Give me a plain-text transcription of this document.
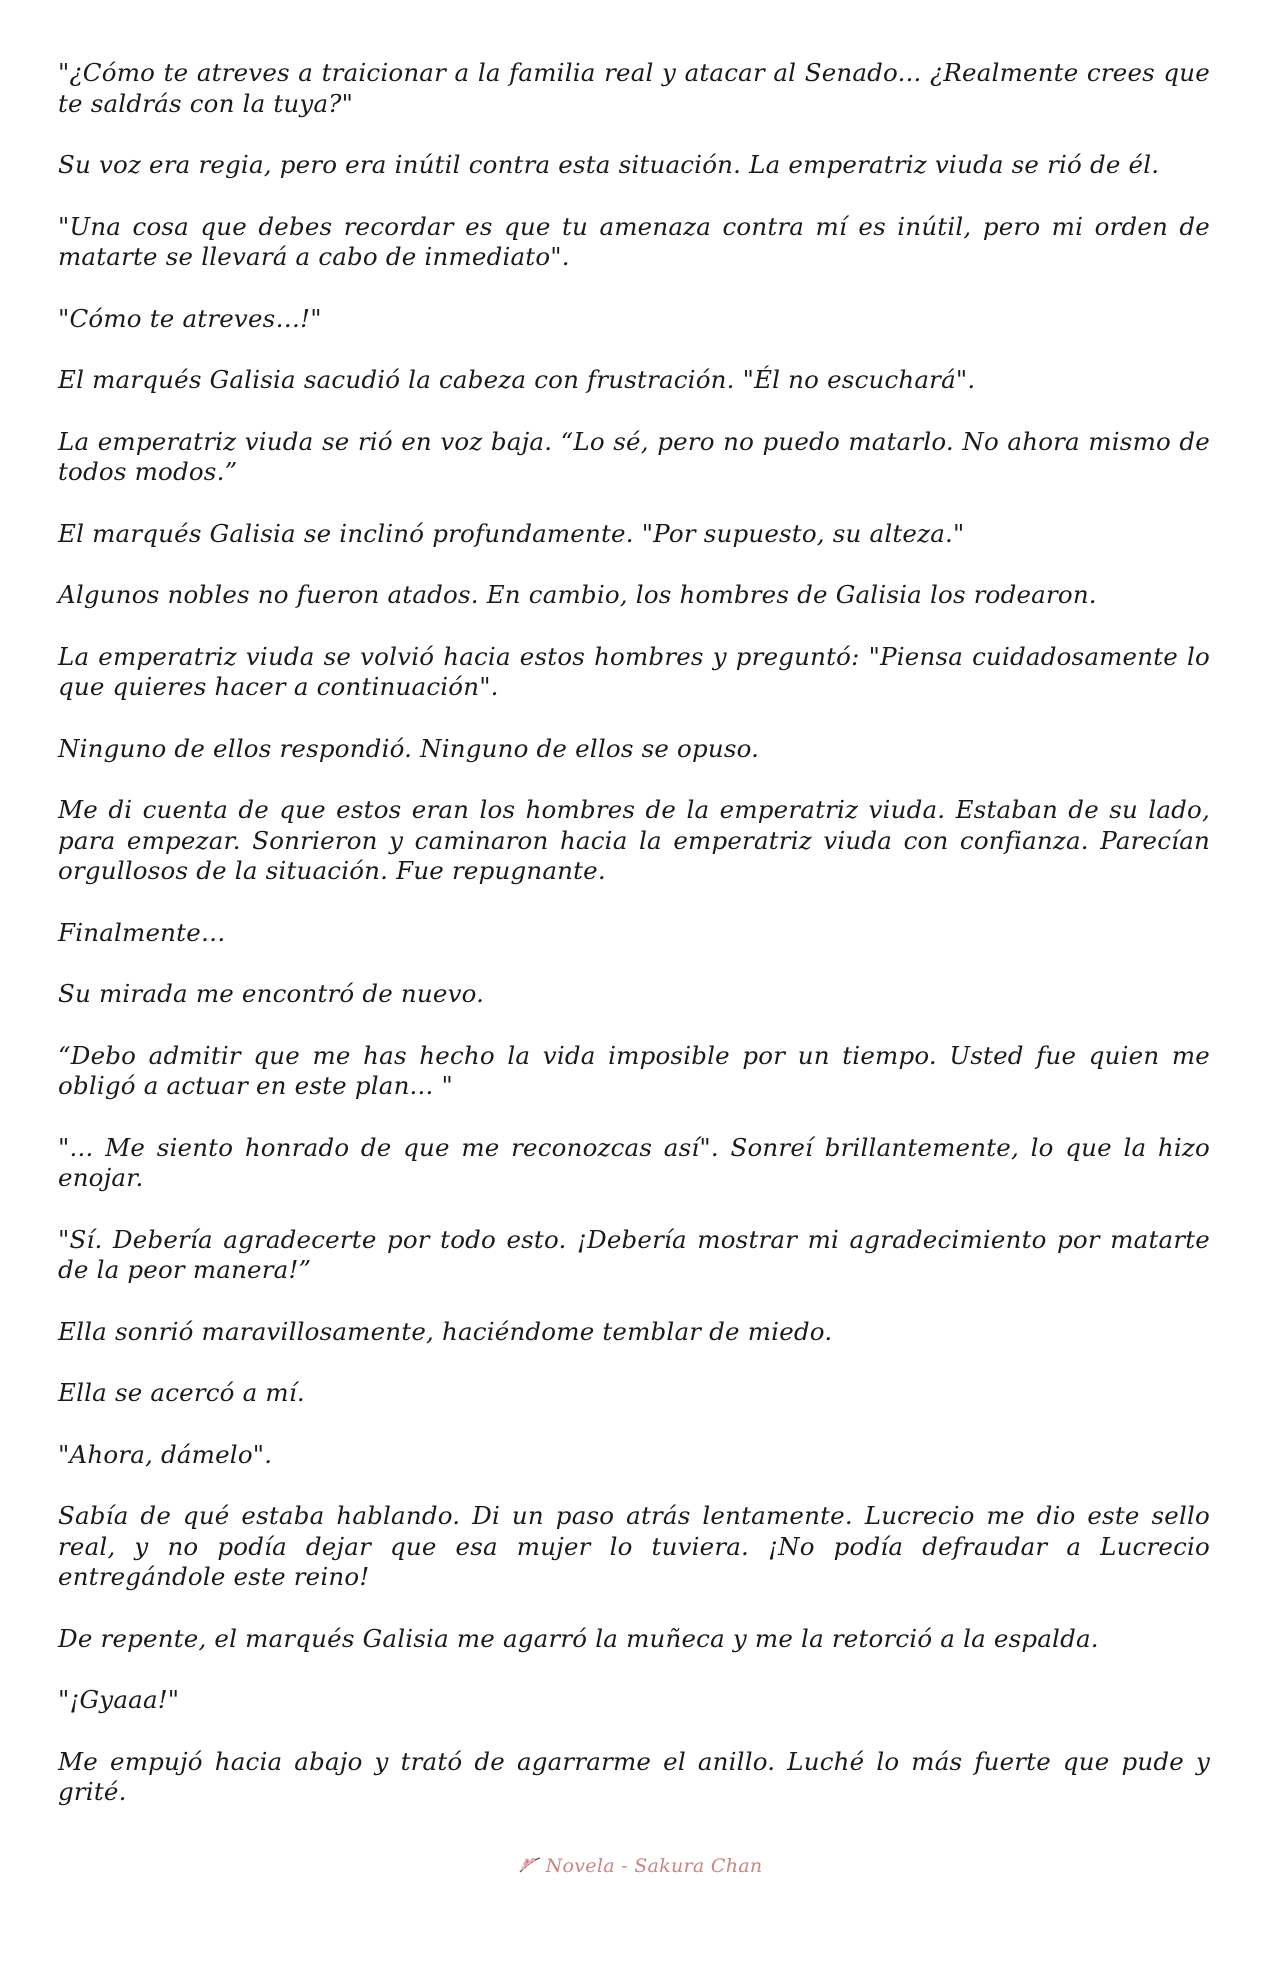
"¿Cómo te atreves a traicionar a la familia real y atacar al Senado... ¿Realmente crees que te saldrás con la tuya?"

Su voz era regia, pero era inútil contra esta situación. La emperatriz viuda se rió de él.

"Una cosa que debes recordar es que tu amenaza contra mí es inútil, pero mi orden de matarte se llevará a cabo de inmediato".

"Cómo te atreves…!"

El marqués Galisia sacudió la cabeza con frustración. "Él no escuchará".

La emperatriz viuda se rió en voz baja. “Lo sé, pero no puedo matarlo. No ahora mismo de todos modos.”

El marqués Galisia se inclinó profundamente. "Por supuesto, su alteza."

Algunos nobles no fueron atados. En cambio, los hombres de Galisia los rodearon.

La emperatriz viuda se volvió hacia estos hombres y preguntó: "Piensa cuidadosamente lo que quieres hacer a continuación".

Ninguno de ellos respondió. Ninguno de ellos se opuso.

Me di cuenta de que estos eran los hombres de la emperatriz viuda. Estaban de su lado, para empezar. Sonrieron y caminaron hacia la emperatriz viuda con confianza. Parecían orgullosos de la situación. Fue repugnante.

Finalmente…

Su mirada me encontró de nuevo.

“Debo admitir que me has hecho la vida imposible por un tiempo. Usted fue quien me obligó a actuar en este plan... "

"... Me siento honrado de que me reconozcas así". Sonreí brillantemente, lo que la hizo enojar.

"Sí. Debería agradecerte por todo esto. ¡Debería mostrar mi agradecimiento por matarte de la peor manera!”

Ella sonrió maravillosamente, haciéndome temblar de miedo.

Ella se acercó a mí.

"Ahora, dámelo".

Sabía de qué estaba hablando. Di un paso atrás lentamente. Lucrecio me dio este sello real, y no podía dejar que esa mujer lo tuviera. ¡No podía defraudar a Lucrecio entregándole este reino!

De repente, el marqués Galisia me agarró la muñeca y me la retorció a la espalda.

"¡Gyaaa!"

Me empujó hacia abajo y trató de agarrarme el anillo. Luché lo más fuerte que pude y grité.

Novela - Sakura Chan
